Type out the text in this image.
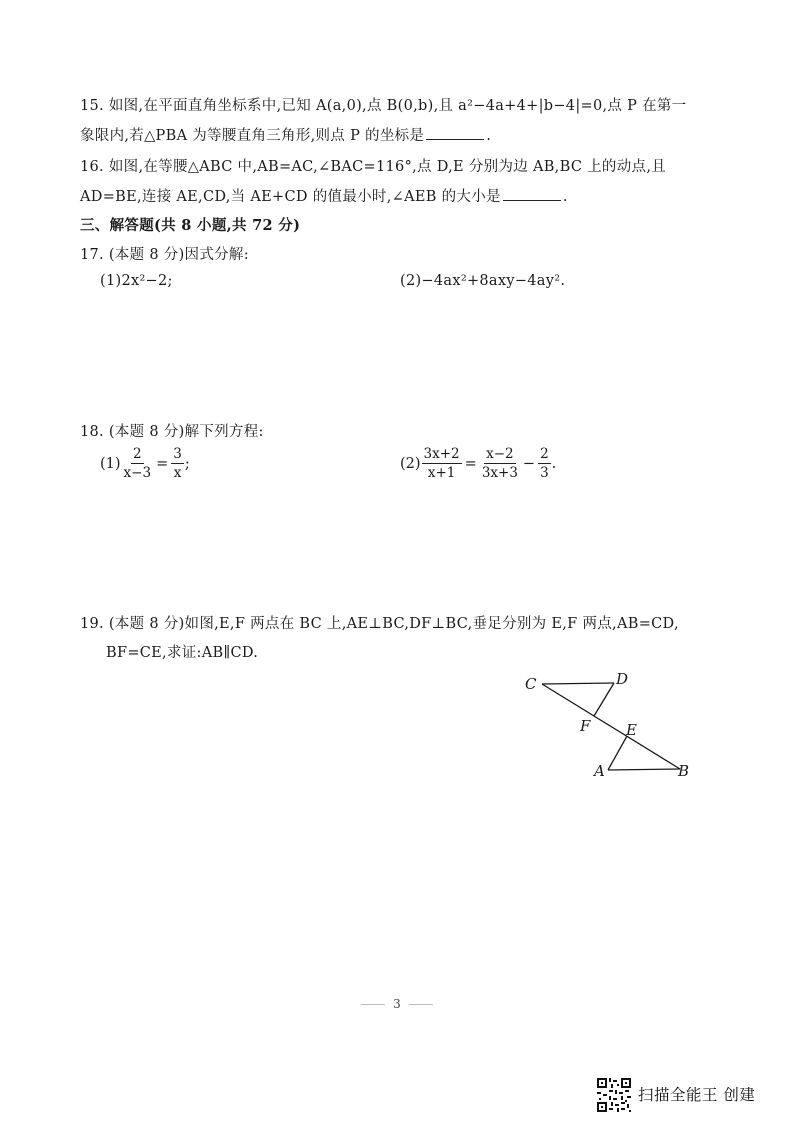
15. 如图,在平面直角坐标系中,已知 A(a,0),点 B(0,b),且 a²−4a+4+|b−4|=0,点 P 在第一
象限内,若△PBA 为等腰直角三角形,则点 P 的坐标是	.
16. 如图,在等腰△ABC 中,AB=AC,∠BAC=116°,点 D,E 分别为边 AB,BC 上的动点,且
AD=BE,连接 AE,CD,当 AE+CD 的值最小时,∠AEB 的大小是	.
三、解答题(共 8 小题,共 72 分)
17. (本题 8 分)因式分解:
(1)2x²−2;	(2)−4ax²+8axy−4ay².
18. (本题 8 分)解下列方程:
$(1) \frac{2}{x-3} = \frac{3}{x}$ ;	$(2) \frac{3x+2}{x+1} = \frac{x-2}{3x+3} - \frac{2}{3}$ .
19. (本题 8 分)如图,E,F 两点在 BC 上,AE⊥BC,DF⊥BC,垂足分别为 E,F 两点,AB=CD,
BF=CE,求证:AB∥CD.
C	D
F E
A	B
3
扫描全能王 创建
